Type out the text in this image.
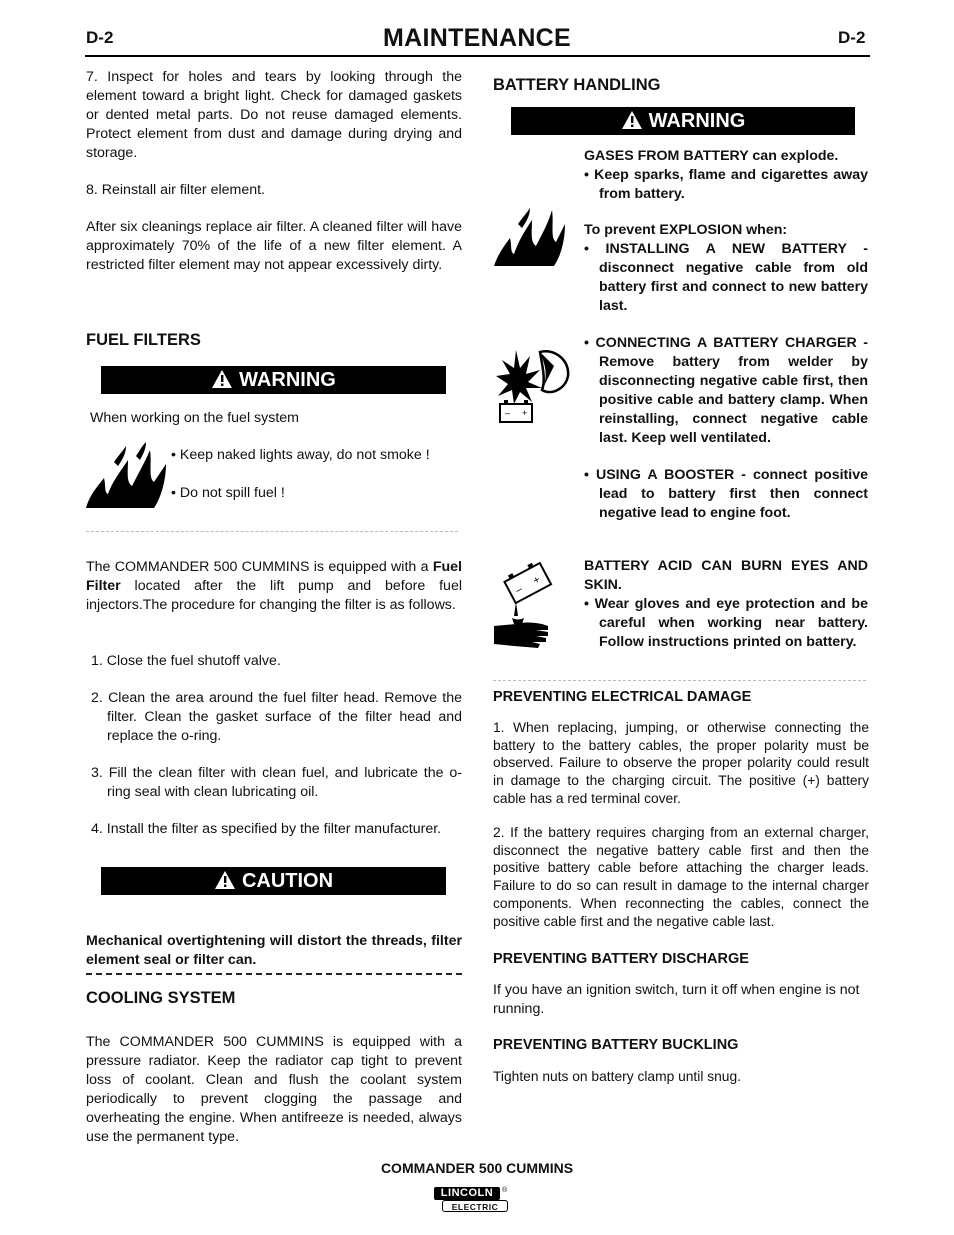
D-2	MAINTENANCE	D-2

7. Inspect for holes and tears by looking through the element toward a bright light. Check for damaged gaskets or dented metal parts. Do not reuse damaged elements. Protect element from dust and damage during drying and storage.

8. Reinstall air filter element.

After six cleanings replace air filter. A cleaned filter will have approximately 70% of the life of a new filter element. A restricted filter element may not appear excessively dirty.

FUEL FILTERS
WARNING
When working on the fuel system
• Keep naked lights away, do not smoke !
• Do not spill fuel !

The COMMANDER 500 CUMMINS is equipped with a Fuel Filter located after the lift pump and before fuel injectors.The procedure for changing the filter is as follows.

1. Close the fuel shutoff valve.

2. Clean the area around the fuel filter head. Remove the filter. Clean the gasket surface of the filter head and replace the o-ring.

3. Fill the clean filter with clean fuel, and lubricate the o-ring seal with clean lubricating oil.

4. Install the filter as specified by the filter manufacturer.

CAUTION

Mechanical overtightening will distort the threads, filter element seal or filter can.

COOLING SYSTEM

The COMMANDER 500 CUMMINS is equipped with a pressure radiator. Keep the radiator cap tight to prevent loss of coolant. Clean and flush the coolant system periodically to prevent clogging the passage and overheating the engine. When antifreeze is needed, always use the permanent type.

BATTERY HANDLING
WARNING

GASES FROM BATTERY can explode.

• Keep sparks, flame and cigarettes away from battery.

To prevent EXPLOSION when:

• INSTALLING A NEW BATTERY - disconnect negative cable from old battery first and connect to new battery last.

• CONNECTING A BATTERY CHARGER - Remove battery from welder by disconnecting negative cable first, then positive cable and battery clamp. When reinstalling, connect negative cable last. Keep well ventilated.

• USING A BOOSTER - connect positive lead to battery first then connect negative lead to engine foot.

– +

BATTERY ACID CAN BURN EYES AND SKIN.

• Wear gloves and eye protection and be careful when working near battery. Follow instructions printed on battery.

–
+
PREVENTING ELECTRICAL DAMAGE

1. When replacing, jumping, or otherwise connecting the battery to the battery cables, the proper polarity must be observed. Failure to observe the proper polarity could result in damage to the charging circuit. The positive (+) battery cable has a red terminal cover.

2. If the battery requires charging from an external charger, disconnect the negative battery cable first and then the positive battery cable before attaching the charger leads. Failure to do so can result in damage to the internal charger components. When reconnecting the cables, connect the positive cable first and the negative cable last.

PREVENTING BATTERY DISCHARGE

If you have an ignition switch, turn it off when engine is not running.

PREVENTING BATTERY BUCKLING

Tighten nuts on battery clamp until snug.

COMMANDER 500 CUMMINS
LINCOLN	®
ELECTRIC
